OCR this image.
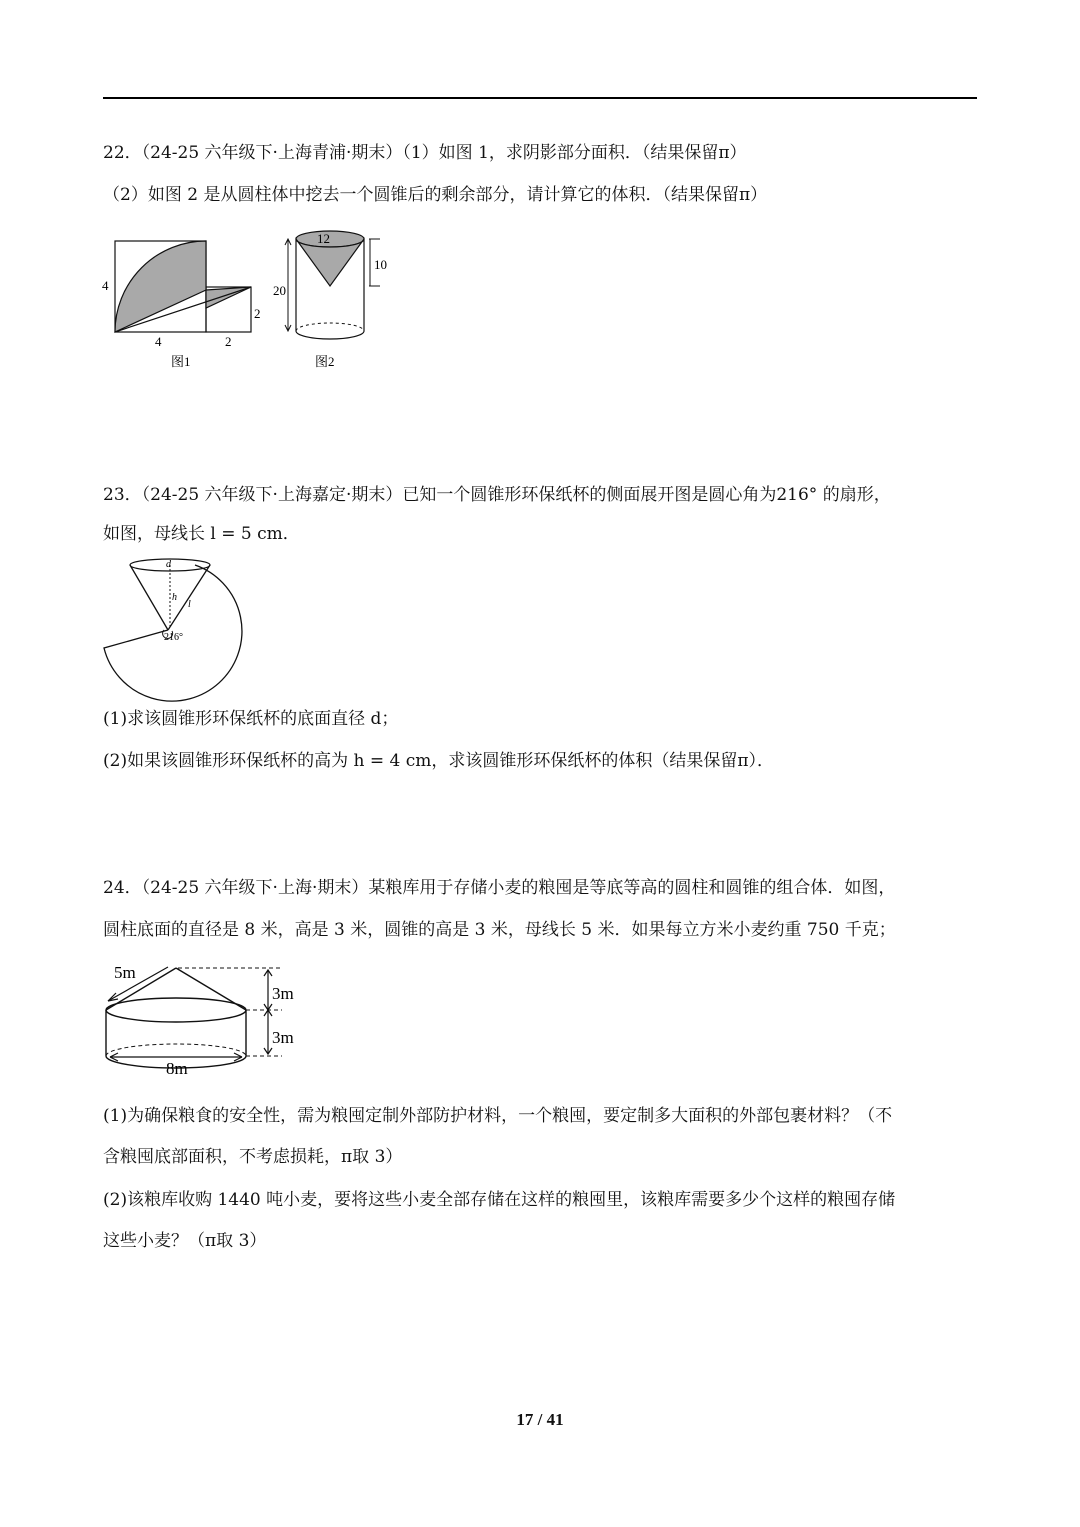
22．（24-25 六年级下·上海青浦·期末）（1）如图 1，求阴影部分面积．（结果保留π）
（2）如图 2 是从圆柱体中挖去一个圆锥后的剩余部分，请计算它的体积．（结果保留π）
4
2
4	2
图1
12
10
20
图2
23．（24-25 六年级下·上海嘉定·期末）已知一个圆锥形环保纸杯的侧面展开图是圆心角为216° 的扇形，
如图，母线长 l = 5 cm．
d
h
l
216°
(1)求该圆锥形环保纸杯的底面直径 d；
(2)如果该圆锥形环保纸杯的高为 h = 4 cm，求该圆锥形环保纸杯的体积（结果保留π）．
24．（24-25 六年级下·上海·期末）某粮库用于存储小麦的粮囤是等底等高的圆柱和圆锥的组合体．如图，
圆柱底面的直径是 8 米，高是 3 米，圆锥的高是 3 米，母线长 5 米．如果每立方米小麦约重 750 千克；
5m
3m
3m
8m
(1)为确保粮食的安全性，需为粮囤定制外部防护材料，一个粮囤，要定制多大面积的外部包裹材料？（不
含粮囤底部面积，不考虑损耗，π取 3）
(2)该粮库收购 1440 吨小麦，要将这些小麦全部存储在这样的粮囤里，该粮库需要多少个这样的粮囤存储
这些小麦？（π取 3）
17 / 41
